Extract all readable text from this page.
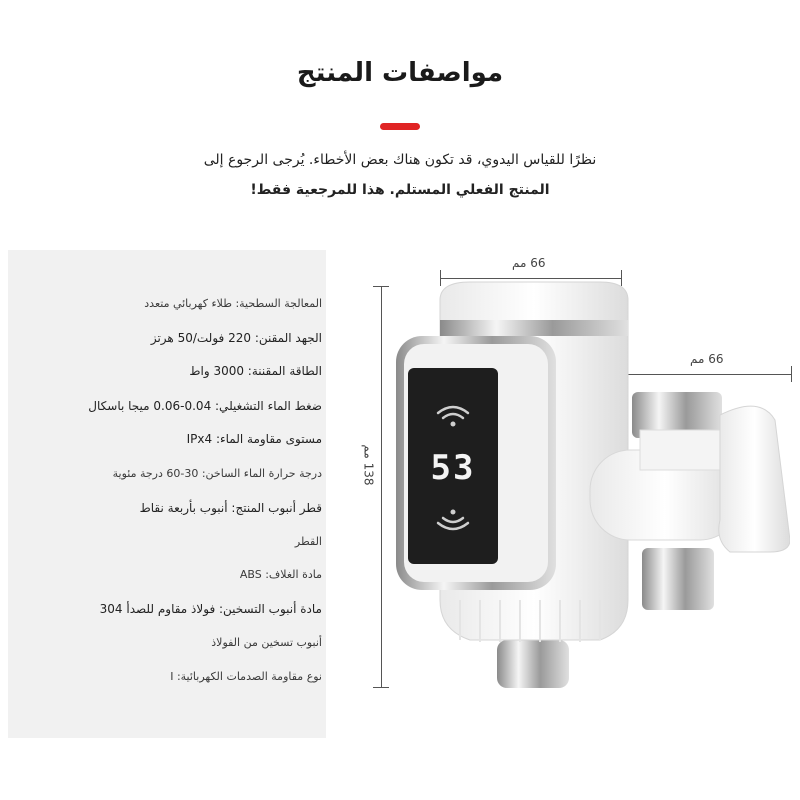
مواصفات المنتج
نظرًا للقياس اليدوي، قد تكون هناك بعض الأخطاء. يُرجى الرجوع إلى
المنتج الفعلي المستلم. هذا للمرجعية فقط!
المعالجة السطحية: طلاء كهربائي متعدد
الجهد المقنن: 220 فولت/50 هرتز
الطاقة المقننة: 3000 واط
ضغط الماء التشغيلي: 0.04-0.06 ميجا باسكال
مستوى مقاومة الماء: IPx4
درجة حرارة الماء الساخن: 30-60 درجة مئوية
قطر أنبوب المنتج: أنبوب بأربعة نقاط
القطر
مادة الغلاف: ABS
مادة أنبوب التسخين: فولاذ مقاوم للصدأ 304
أنبوب تسخين من الفولاذ
نوع مقاومة الصدمات الكهربائية: I
66 مم
66 مم
138 مم 53
